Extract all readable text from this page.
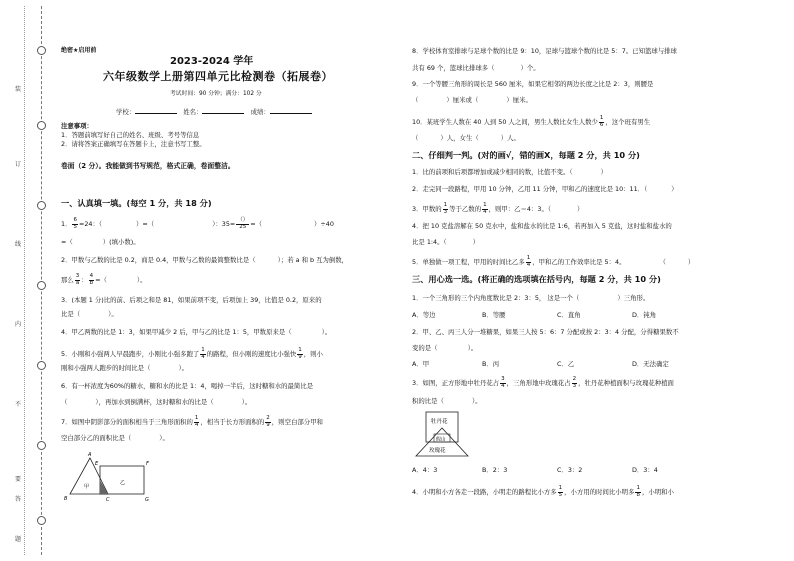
装
订
线
内
不
要
答
题
绝密★启用前
2023-2024 学年
六年级数学上册第四单元比检测卷（拓展卷）
考试时间：90 分钟；满分：102 分
学校：	姓名：	成绩：
注意事项：
1．答题前填写好自己的姓名、班级、考号等信息
2．请将答案正确填写在答题卡上，注意书写工整。
卷面（2 分）。我能做到书写规范，格式正确，卷面整洁。
一、认真填一填。(每空 1 分，共 18 分)
1． $\frac{6}{5} =24$：（	）=（	）：$35= \frac{()}{25}$ =（	）÷40
=（	）(填小数)。
2．甲数与乙数的比是 0.2，商是 0.4，甲数与乙数的最简整数比是（	）；若 a 和 b 互为倒数，
那么 $\frac{3}{a}$ ： $\frac{4}{b}$ =（	）。
3．(本题 1 分)比的前、后项之和是 81，如果前项不变，后项加上 39，比值是 0.2，原来的
比是（	）。
4．甲乙两数的比是 1：3，如果甲减少 2 后，甲与乙的比是 1：5，甲数原来是（	）。
5．小刚和小强两人早晨跑步，小刚比小强多跑了 $\frac{1}{4}$ 的路程，但小刚的速度比小强快 $\frac{1}{9}$ ，则小
刚和小强两人跑步的时间比是（	）。
6．有一杯浓度为60%的糖水，糖和水的比是 1：4，喝掉一半后，这时糖和水的最简比是
（	），再加水到倒满杯，这时糖和水的比是（	）。
7．如图中阴影部分的面积相当于三角形面积的 $\frac{1}{4}$ ，相当于长方形面积的 $\frac{2}{9}$ ，则空白部分甲和
空白部分乙的面积比是（	）。
A
E	F
B	C	G
甲
乙
8．学校体育室排球与足球个数的比是 9：10，足球与篮球个数的比是 5：7。已知篮球与排球
共有 69 个，篮球比排球多（	）个。
9．一个等腰三角形的周长是 560 厘米，如果它相邻的两边长度之比是 2：3，则腰是
（	）厘米或（	）厘米。
10．某班学生人数在 40 人到 50 人之间，男生人数比女生人数少 $\frac{1}{6}$ ，这个班有男生
（	）人，女生（	）人。
二、仔细判一判。(对的画√，错的画X，每题 2 分，共 10 分)
1．比的前项和后项都增加或减少相同的数，比值不变。（	）
2．走完同一段路程，甲用 10 分钟，乙用 11 分钟，甲和乙的速度比是 10：11．（	）
3．甲数的 $\frac{1}{3}$ 等于乙数的 $\frac{1}{4}$ ，则甲：乙＝4：3。（	）
4．把 10 克盐溶解在 50 克水中，盐和盐水的比是 1:6，若再加入 5 克盐，这时盐和盐水的
比是 1:4。（	）
5．单独做一项工程，甲用的时间比乙多 $\frac{1}{4}$ ，甲和乙的工作效率比是 5：4。	（	）
三、用心选一选。(将正确的选项填在括号内，每题 2 分，共 10 分)
1．一个三角形的三个内角度数比是 2：3：5， 这是一个（	）三角形。
A．等边	B．等腰	C．直角	D．钝角
2．甲、乙、丙三人分一堆糖果，如果三人按 5：6：7 分配或按 2：3：4 分配，分得糖果数不
变的是（	）。
A．甲	B．丙	C．乙	D．无法确定
3．如图，正方形地中牡丹花占 $\frac{3}{4}$ ，三角形地中玫瑰花占 $\frac{2}{3}$ ，牡丹花种植面积与玫瑰花种植面
积的比是（	）。
牡丹花
假山
玫瑰花
A．4：3	B．2：3	C．3：2	D．3：4
4．小明和小方各走一段路，小明走的路程比小方多 $\frac{1}{5}$ ，小方用的时间比小明多 $\frac{1}{8}$ ，小明和小
